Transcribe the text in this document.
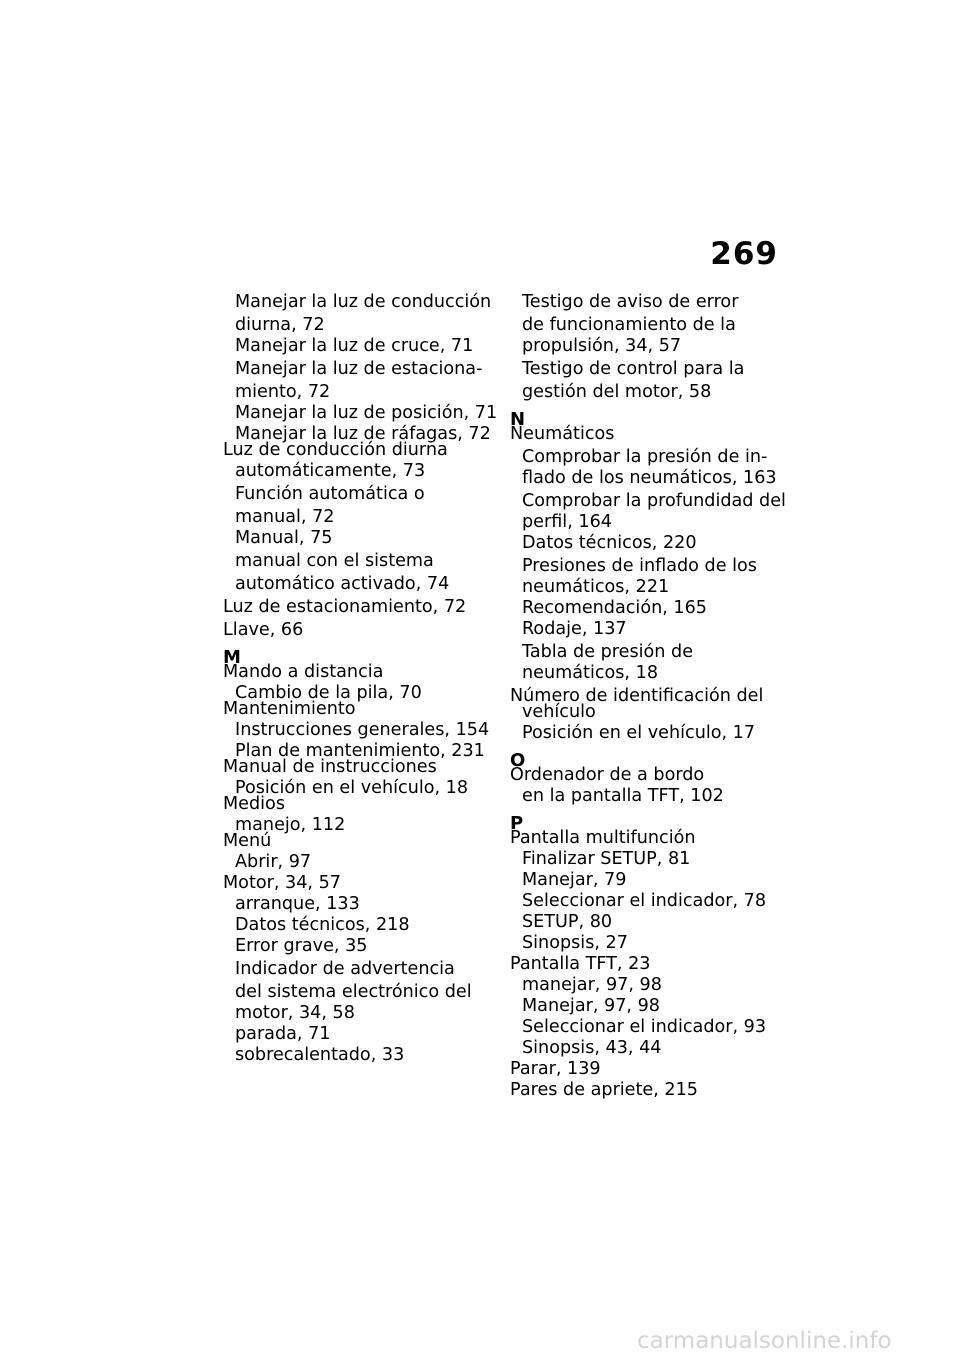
269
Manejar la luz de conducción
diurna, 72
Manejar la luz de cruce, 71
Manejar la luz de estaciona-
miento, 72
Manejar la luz de posición, 71
Manejar la luz de ráfagas, 72
Luz de conducción diurna
automáticamente, 73
Función automática o
manual, 72
Manual, 75
manual con el sistema
automático activado, 74
Luz de estacionamiento, 72
Llave, 66
M
Mando a distancia
Cambio de la pila, 70
Mantenimiento
Instrucciones generales, 154
Plan de mantenimiento, 231
Manual de instrucciones
Posición en el vehículo, 18
Medios
manejo, 112
Menú
Abrir, 97
Motor, 34, 57
arranque, 133
Datos técnicos, 218
Error grave, 35
Indicador de advertencia
del sistema electrónico del
motor, 34, 58
parada, 71
sobrecalentado, 33
Testigo de aviso de error
de funcionamiento de la
propulsión, 34, 57
Testigo de control para la
gestión del motor, 58
N
Neumáticos
Comprobar la presión de in-
flado de los neumáticos, 163
Comprobar la profundidad del
perfil, 164
Datos técnicos, 220
Presiones de inflado de los
neumáticos, 221
Recomendación, 165
Rodaje, 137
Tabla de presión de
neumáticos, 18
Número de identificación del
vehículo
Posición en el vehículo, 17
O
Ordenador de a bordo
en la pantalla TFT, 102
P
Pantalla multifunción
Finalizar SETUP, 81
Manejar, 79
Seleccionar el indicador, 78
SETUP, 80
Sinopsis, 27
Pantalla TFT, 23
manejar, 97, 98
Manejar, 97, 98
Seleccionar el indicador, 93
Sinopsis, 43, 44
Parar, 139
Pares de apriete, 215
carmanualsonline.info
